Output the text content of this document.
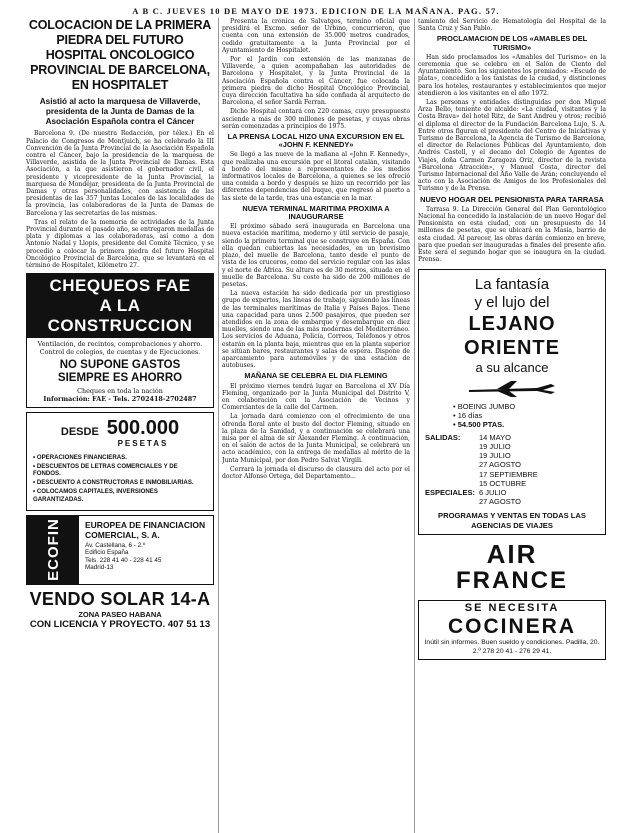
A B C. JUEVES 10 DE MAYO DE 1973. EDICION DE LA MAÑANA. PAG. 57.
COLOCACION DE LA PRIMERA PIEDRA DEL FUTURO HOSPITAL ONCOLOGICO PROVINCIAL DE BARCELONA, EN HOSPITALET
Asistió al acto la marquesa de Villaverde, presidenta de la Junta de Damas de la Asociación Española contra el Cáncer

Barcelona 9. (De nuestra Redacción, por télex.) En el Palacio de Congresos de Montjuich, se ha celebrado la III Convención de la Junta Provincial de la Asociación Española contra el Cáncer, bajo la presidencia de la marquesa de Villaverde, asistida de la Junta Provincial de Damas. Esta Asociación, a la que asistieron el gobernador civil, el presidente y vicepresidente de la Junta Provincial, la marquesa de Mondéjar, presidenta de la Junta Provincial de Damas y otras personalidades, con asistencia de las presidentas de las 357 Juntas Locales de las localidades de la provincia, las colaboradoras de la Junta de Damas de Barcelona y las secretarias de las mismas.

Tras el relato de la memoria de actividades de la Junta Provincial durante el pasado año, se entregaron medallas de plata y diplomas a las colaboradoras, así como a don Antonio Nadal y Llopis, presidente del Comité Técnico, y se procedió a colocar la primera piedra del futuro Hospital Oncológico Provincial de Barcelona, que se levantará en el término de Hospitalet, kilómetro 27.

CHEQUEOS FAE
A LA CONSTRUCCION
Ventilación, de recintos, comprobaciones y ahorro.
Control de colegios, de cuentas y de Ejecuciones.
NO SUPONE GASTOS SIEMPRE ES AHORRO
Cheques en toda la nación
Información: FAE - Tels. 2702418-2702487
DESDE 500.000
PESETAS
• OPERACIONES FINANCIERAS.
• DESCUENTOS DE LETRAS COMERCIALES Y DE FONDOS.
• DESCUENTO A CONSTRUCTORAS E INMOBILIARIAS.
• COLOCAMOS CAPITALES, INVERSIONES GARANTIZADAS.
ECOFIN	EUROPEA DE FINANCIACION COMERCIAL, S. A.
Av. Castellana, 6 - 2.º
Edificio España
Tels. 228 41 40 - 228 41 45
Madrid-13
VENDO SOLAR 14-A
ZONA PASEO HABANA
CON LICENCIA Y PROYECTO. 407 51 13

Presenta la crónica de Salvatgos, termino oficial que presidirá el Excmo. señor de Urbino, concurrieron, que cuenta con una extensión de 35.000 metros cuadrados, cedido gratuitamente a la Junta Provincial por el Ayuntamiento de Hospitalet.

Por el Jardín con extensión de las manzanas de Villaverde, a quien acompañaban las autoridades de Barcelona y Hospitalet, y la Junta Provincial de la Asociación Española contra el Cáncer, fue colocada la primera piedra de dicho Hospital Oncológico Provincial, cuya dirección facultativa ha sido confiada al arquitecto de Barcelona, el señor Sardà Ferran.

Dicho Hospital contará con 220 camas, cuyo presupuesto asciende a más de 300 millones de pesetas, y cuyas obras serán comenzadas a principios de 1975.

LA PRENSA LOCAL HIZO UNA EXCURSION EN EL «JOHN F. KENNEDY»

Se llegó a las nueve de la mañana al «John F. Kennedy», que realizaba una excursión por el litoral catalán, visitando a bordo del mismo a representantes de los medios informativos locales de Barcelona, a quienes se les ofreció una comida a bordo y después se hizo un recorrido por las diferentes dependencias del buque, que regresó al puerto a las siete de la tarde, tras una estancia en la mar.

NUEVA TERMINAL MARITIMA PROXIMA A INAUGURARSE

El próximo sábado será inaugurada en Barcelona una nueva estación marítima, moderno y útil servicio de pasaje, siendo la primera terminal que se construye en España. Con ella quedan cubiertas las necesidades, en un brevísimo plazo, del muelle de Barcelona, tanto desde el punto de vista de los cruceros, como del servicio regular con las islas y el norte de África. Su altura es de 30 metros, situada en el muelle de Barcelona. Su coste ha sido de 200 millones de pesetas.

La nueva estación ha sido dedicada por un prestigioso grupo de expertos, las líneas de trabajo, siguiendo las líneas de las terminales marítimas de Italia y Países Bajos. Tiene una capacidad para unos 2.500 pasajeros, que pueden ser atendidos en la zona de embarque y desembarque en diez muelles, siendo una de las más modernas del Mediterráneo. Los servicios de Aduana, Policía, Correos, Teléfonos y otros estarán en la planta baja, mientras que en la planta superior se sitúan bares, restaurantes y salas de espera. Dispone de aparcamiento para automóviles y de una estación de autobuses.

MAÑANA SE CELEBRA EL DIA FLEMING

El próximo viernes tendrá lugar en Barcelona el XV Día Fleming, organizado por la Junta Municipal del Distrito V, en colaboración con la Asociación de Vecinos y Comerciantes de la calle del Carmen.

La jornada dará comienzo con el ofrecimiento de una ofrenda floral ante el busto del doctor Fleming, situado en la plaza de la Sanidad, y a continuación se celebrará una misa por el alma de sir Alexander Fleming. A continuación, en el salón de actos de la Junta Municipal, se celebrará un acto académico, con la entrega de medallas al mérito de la Junta Municipal, por don Pedro Salvat Virgili.

Cerrará la jornada el discurso de clausura del acto por el doctor Alfonso Ortega, del Departamento...

tamiento del Servicio de Hematología del Hospital de la Santa Cruz y San Pablo.

PROCLAMACION DE LOS «AMABLES DEL TURISMO»

Han sido proclamados los «Amables del Turismo» en la ceremonia que se celebra en el Salón de Ciento del Ayuntamiento. Son los siguientes los premiados: «Escudo de plata», concedido a los taxistas de la ciudad, y distinciones para los hoteles, restaurantes y establecimientos que mejor atendieron a los visitantes en el año 1972.

Las personas y entidades distinguidas por don Miguel Arza Bello, teniente de alcalde: «La ciudad, visitantes y la Costa Brava» del hotel Ritz, de Sant Andreu y otros; recibió el diploma el director de la Fundación Barcelona Lujo, S. A. Entre otros figuran el presidente del Centro de Iniciativas y Turismo de Barcelona, la Agencia de Turismo de Barcelona, el director de Relaciones Públicas del Ayuntamiento, don Andrés Castell, y el decano del Colegio de Agentes de Viajes, doña Carmen Zaragoza Oriz, director de la revista «Barcelona Atracción», y Manuel Costa, director del Turismo Internacional del Año Valle de Arán; concluyendo el acto con la Asociación de Amigos de los Profesionales del Turismo y de la Prensa.

NUEVO HOGAR DEL PENSIONISTA PARA TARRASA

Tarrasa 9. La Dirección General del Plan Gerontológico Nacional ha concedido la instalación de un nuevo Hogar del Pensionista en esta ciudad, con un presupuesto de 14 millones de pesetas, que se ubicará en la Masía, barrio de esta ciudad. Al parecer, las obras darán comienzo en breve, para que puedan ser inauguradas a finales del presente año. Este será el segundo hogar que se inaugura en la ciudad. Prensa.

La fantasía
y el lujo del
LEJANO ORIENTE
a su alcance
• BOEING JUMBO
• 16 días
• 54.500 PTAS.
SALIDAS:	14 MAYO
19 JULIO
19 JULIO
27 AGOSTO
17 SEPTIEMBRE
15 OCTUBRE
ESPECIALES: 6 JULIO
27 AGOSTO
PROGRAMAS Y VENTAS EN TODAS LAS AGENCIAS DE VIAJES
AIR
FRANCE
SE NECESITA
COCINERA
Inútil sin informes. Buen sueldo y condiciones. Padilla, 20. 2.º 278 20 41 - 276 29 41.
